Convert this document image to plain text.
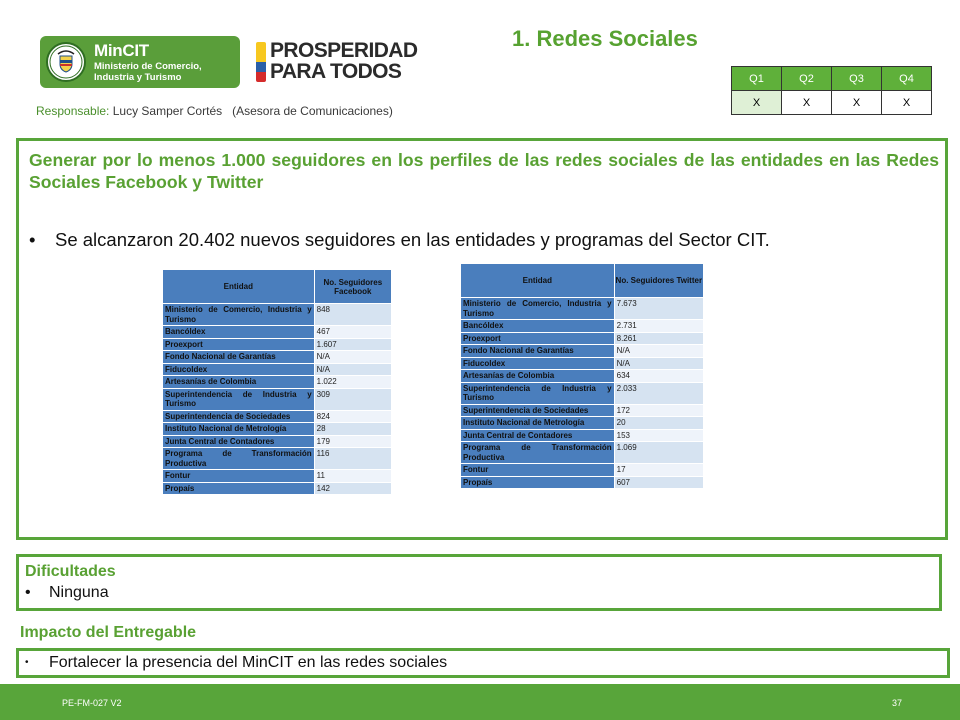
MinCIT
Ministerio de Comercio,
Industria y Turismo
PROSPERIDAD
PARA TODOS
Responsable: Lucy Samper Cortés   (Asesora de Comunicaciones)
1. Redes Sociales
Q1	Q2	Q3	Q4
X	X	X	X
Generar por lo menos 1.000 seguidores en los perfiles de las redes sociales de las entidades en las Redes Sociales Facebook y Twitter
• Se alcanzaron 20.402 nuevos seguidores en las entidades y programas del Sector CIT.
Entidad	No. Seguidores Facebook
Ministerio de Comercio, Industria y Turismo	848
Bancóldex	467
Proexport	1.607
Fondo Nacional de Garantías	N/A
Fiducoldex	N/A
Artesanías de Colombia	1.022
Superintendencia de Industria y Turismo	309
Superintendencia de Sociedades	824
Instituto Nacional de Metrología	28
Junta Central de Contadores	179
Programa de Transformación Productiva	116
Fontur	11
Propaís	142
Entidad	No. Seguidores Twitter
Ministerio de Comercio, Industria y Turismo	7.673
Bancóldex	2.731
Proexport	8.261
Fondo Nacional de Garantías	N/A
Fiducoldex	N/A
Artesanías de Colombia	634
Superintendencia de Industria y Turismo	2.033
Superintendencia de Sociedades	172
Instituto Nacional de Metrología	20
Junta Central de Contadores	153
Programa de Transformación Productiva	1.069
Fontur	17
Propaís	607
Dificultades
• Ninguna
Impacto del Entregable
• Fortalecer la presencia del MinCIT en las redes sociales
PE-FM-027 V2	37
